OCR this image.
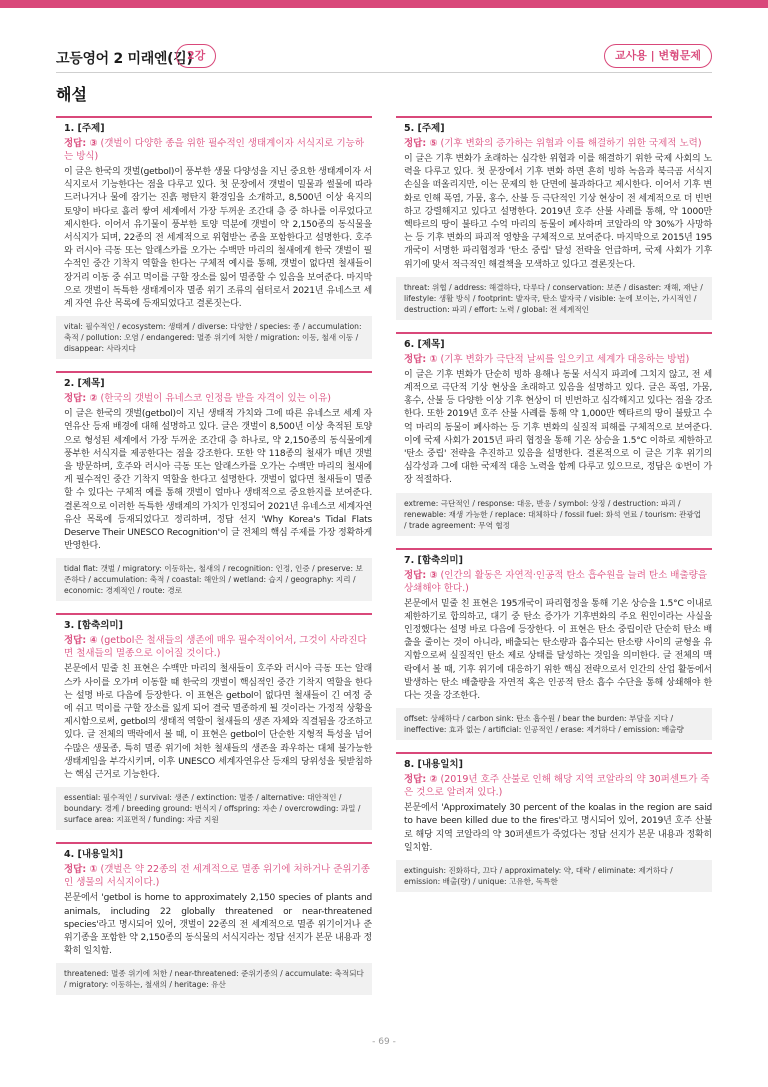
고등영어 2 미래엔(김)
2강	교사용 | 변형문제
해설
1. [주제]
정답: ③ (갯벌이 다양한 종을 위한 필수적인 생태계이자 서식지로 기능하는 방식)
이 글은 한국의 갯벌(getbol)이 풍부한 생물 다양성을 지닌 중요한 생태계이자 서식지로서 기능한다는 점을 다루고 있다. 첫 문장에서 갯벌이 밀물과 썰물에 따라 드러나거나 물에 잠기는 진흙 평탄지 환경임을 소개하고, 8,500년 이상 육지의 토양이 바다로 흘러 쌓여 세계에서 가장 두꺼운 조간대 층 중 하나를 이루었다고 제시한다. 이어서 유기물이 풍부한 토양 덕분에 갯벌이 약 2,150종의 동식물을 서식지가 되며, 22종의 전 세계적으로 위협받는 종을 포함한다고 설명한다. 호주와 러시아 극동 또는 알래스카를 오가는 수백만 마리의 철새에게 한국 갯벌이 필수적인 중간 기착지 역할을 한다는 구체적 예시를 통해, 갯벌이 없다면 철새들이 장거리 이동 중 쉬고 먹이를 구할 장소를 잃어 멸종할 수 있음을 보여준다. 마지막으로 갯벌이 독특한 생태계이자 멸종 위기 조류의 쉼터로서 2021년 유네스코 세계 자연 유산 목록에 등재되었다고 결론짓는다.
vital: 필수적인 / ecosystem: 생태계 / diverse: 다양한 / species: 종 / accumulation: 축적 / pollution: 오염 / endangered: 멸종 위기에 처한 / migration: 이동, 철새 이동 / disappear: 사라지다
2. [제목]
정답: ② (한국의 갯벌이 유네스코 인정을 받을 자격이 있는 이유)
이 글은 한국의 갯벌(getbol)이 지닌 생태적 가치와 그에 따른 유네스코 세계 자연유산 등재 배경에 대해 설명하고 있다. 글은 갯벌이 8,500년 이상 축적된 토양으로 형성된 세계에서 가장 두꺼운 조간대 층 하나로, 약 2,150종의 동식물에게 풍부한 서식지를 제공한다는 점을 강조한다. 또한 약 118종의 철새가 매년 갯벌을 방문하며, 호주와 러시아 극동 또는 알래스카를 오가는 수백만 마리의 철새에게 필수적인 중간 기착지 역할을 한다고 설명한다. 갯벌이 없다면 철새들이 멸종할 수 있다는 구체적 예를 통해 갯벌이 얼마나 생태적으로 중요한지를 보여준다. 결론적으로 이러한 독특한 생태계의 가치가 인정되어 2021년 유네스코 세계자연유산 목록에 등재되었다고 정리하며, 정답 선지 'Why Korea's Tidal Flats Deserve Their UNESCO Recognition'이 글 전체의 핵심 주제를 가장 정확하게 반영한다.
tidal flat: 갯벌 / migratory: 이동하는, 철새의 / recognition: 인정, 인증 / preserve: 보존하다 / accumulation: 축적 / coastal: 해안의 / wetland: 습지 / geography: 지리 / economic: 경제적인 / route: 경로
3. [함축의미]
정답: ④ (getbol은 철새들의 생존에 매우 필수적이어서, 그것이 사라진다면 철새들의 멸종으로 이어질 것이다.)
본문에서 밑줄 친 표현은 수백만 마리의 철새들이 호주와 러시아 극동 또는 알래스카 사이를 오가며 이동할 때 한국의 갯벌이 핵심적인 중간 기착지 역할을 한다는 설명 바로 다음에 등장한다. 이 표현은 getbol이 없다면 철새들이 긴 여정 중에 쉬고 먹이를 구할 장소를 잃게 되어 결국 멸종하게 될 것이라는 가정적 상황을 제시함으로써, getbol의 생태적 역할이 철새들의 생존 자체와 직결됨을 강조하고 있다. 글 전체의 맥락에서 볼 때, 이 표현은 getbol이 단순한 지형적 특성을 넘어 수많은 생물종, 특히 멸종 위기에 처한 철새들의 생존을 좌우하는 대체 불가능한 생태계임을 부각시키며, 이후 UNESCO 세계자연유산 등재의 당위성을 뒷받침하는 핵심 근거로 기능한다.
essential: 필수적인 / survival: 생존 / extinction: 멸종 / alternative: 대안적인 / boundary: 경계 / breeding ground: 번식지 / offspring: 자손 / overcrowding: 과밀 / surface area: 지표면적 / funding: 자금 지원
4. [내용일치]
정답: ① (갯벌은 약 22종의 전 세계적으로 멸종 위기에 처하거나 준위기종인 생물의 서식지이다.)
본문에서 'getbol is home to approximately 2,150 species of plants and animals, including 22 globally threatened or near-threatened species'라고 명시되어 있어, 갯벌이 22종의 전 세계적으로 멸종 위기이거나 준위기종을 포함한 약 2,150종의 동식물의 서식지라는 정답 선지가 본문 내용과 정확히 일치함.
threatened: 멸종 위기에 처한 / near-threatened: 준위기종의 / accumulate: 축적되다 / migratory: 이동하는, 철새의 / heritage: 유산
5. [주제]
정답: ⑤ (기후 변화의 증가하는 위협과 이를 해결하기 위한 국제적 노력)
이 글은 기후 변화가 초래하는 심각한 위협과 이를 해결하기 위한 국제 사회의 노력을 다루고 있다. 첫 문장에서 기후 변화 하면 흔히 빙하 녹음과 북극곰 서식지 손실을 떠올리지만, 이는 문제의 한 단면에 불과하다고 제시한다. 이어서 기후 변화로 인해 폭염, 가뭄, 홍수, 산불 등 극단적인 기상 현상이 전 세계적으로 더 빈번하고 강렬해지고 있다고 설명한다. 2019년 호주 산불 사례를 통해, 약 1000만 헥타르의 땅이 불타고 수억 마리의 동물이 폐사하며 코알라의 약 30%가 사망하는 등 기후 변화의 파괴적 영향을 구체적으로 보여준다. 마지막으로 2015년 195개국이 서명한 파리협정과 '탄소 중립' 달성 전략을 언급하며, 국제 사회가 기후 위기에 맞서 적극적인 해결책을 모색하고 있다고 결론짓는다.
threat: 위협 / address: 해결하다, 다루다 / conservation: 보존 / disaster: 재해, 재난 / lifestyle: 생활 방식 / footprint: 발자국, 탄소 발자국 / visible: 눈에 보이는, 가시적인 / destruction: 파괴 / effort: 노력 / global: 전 세계적인
6. [제목]
정답: ① (기후 변화가 극단적 날씨를 일으키고 세계가 대응하는 방법)
이 글은 기후 변화가 단순히 빙하 용해나 동물 서식지 파괴에 그치지 않고, 전 세계적으로 극단적 기상 현상을 초래하고 있음을 설명하고 있다. 글은 폭염, 가뭄, 홍수, 산불 등 다양한 이상 기후 현상이 더 빈번하고 심각해지고 있다는 점을 강조한다. 또한 2019년 호주 산불 사례를 통해 약 1,000만 헥타르의 땅이 불탔고 수억 마리의 동물이 폐사하는 등 기후 변화의 실질적 피해를 구체적으로 보여준다. 이에 국제 사회가 2015년 파리 협정을 통해 기온 상승을 1.5°C 이하로 제한하고 '탄소 중립' 전략을 추진하고 있음을 설명한다. 결론적으로 이 글은 기후 위기의 심각성과 그에 대한 국제적 대응 노력을 함께 다루고 있으므로, 정답은 ①번이 가장 적절하다.
extreme: 극단적인 / response: 대응, 반응 / symbol: 상징 / destruction: 파괴 / renewable: 재생 가능한 / replace: 대체하다 / fossil fuel: 화석 연료 / tourism: 관광업 / trade agreement: 무역 협정
7. [함축의미]
정답: ③ (인간의 활동은 자연적·인공적 탄소 흡수원을 늘려 탄소 배출량을 상쇄해야 한다.)
본문에서 밑줄 친 표현은 195개국이 파리협정을 통해 기온 상승을 1.5°C 이내로 제한하기로 합의하고, 대기 중 탄소 증가가 기후변화의 주요 원인이라는 사실을 인정했다는 설명 바로 다음에 등장한다. 이 표현은 탄소 중립이란 단순히 탄소 배출을 줄이는 것이 아니라, 배출되는 탄소량과 흡수되는 탄소량 사이의 균형을 유지함으로써 실질적인 탄소 제로 상태를 달성하는 것임을 의미한다. 글 전체의 맥락에서 볼 때, 기후 위기에 대응하기 위한 핵심 전략으로서 인간의 산업 활동에서 발생하는 탄소 배출량을 자연적 혹은 인공적 탄소 흡수 수단을 통해 상쇄해야 한다는 것을 강조한다.
offset: 상쇄하다 / carbon sink: 탄소 흡수원 / bear the burden: 부담을 지다 / ineffective: 효과 없는 / artificial: 인공적인 / erase: 제거하다 / emission: 배출량
8. [내용일치]
정답: ② (2019년 호주 산불로 인해 해당 지역 코알라의 약 30퍼센트가 죽은 것으로 알려져 있다.)
본문에서 'Approximately 30 percent of the koalas in the region are said to have been killed due to the fires'라고 명시되어 있어, 2019년 호주 산불로 해당 지역 코알라의 약 30퍼센트가 죽었다는 정답 선지가 본문 내용과 정확히 일치함.
extinguish: 진화하다, 끄다 / approximately: 약, 대략 / eliminate: 제거하다 / emission: 배출(량) / unique: 고유한, 독특한
- 69 -
